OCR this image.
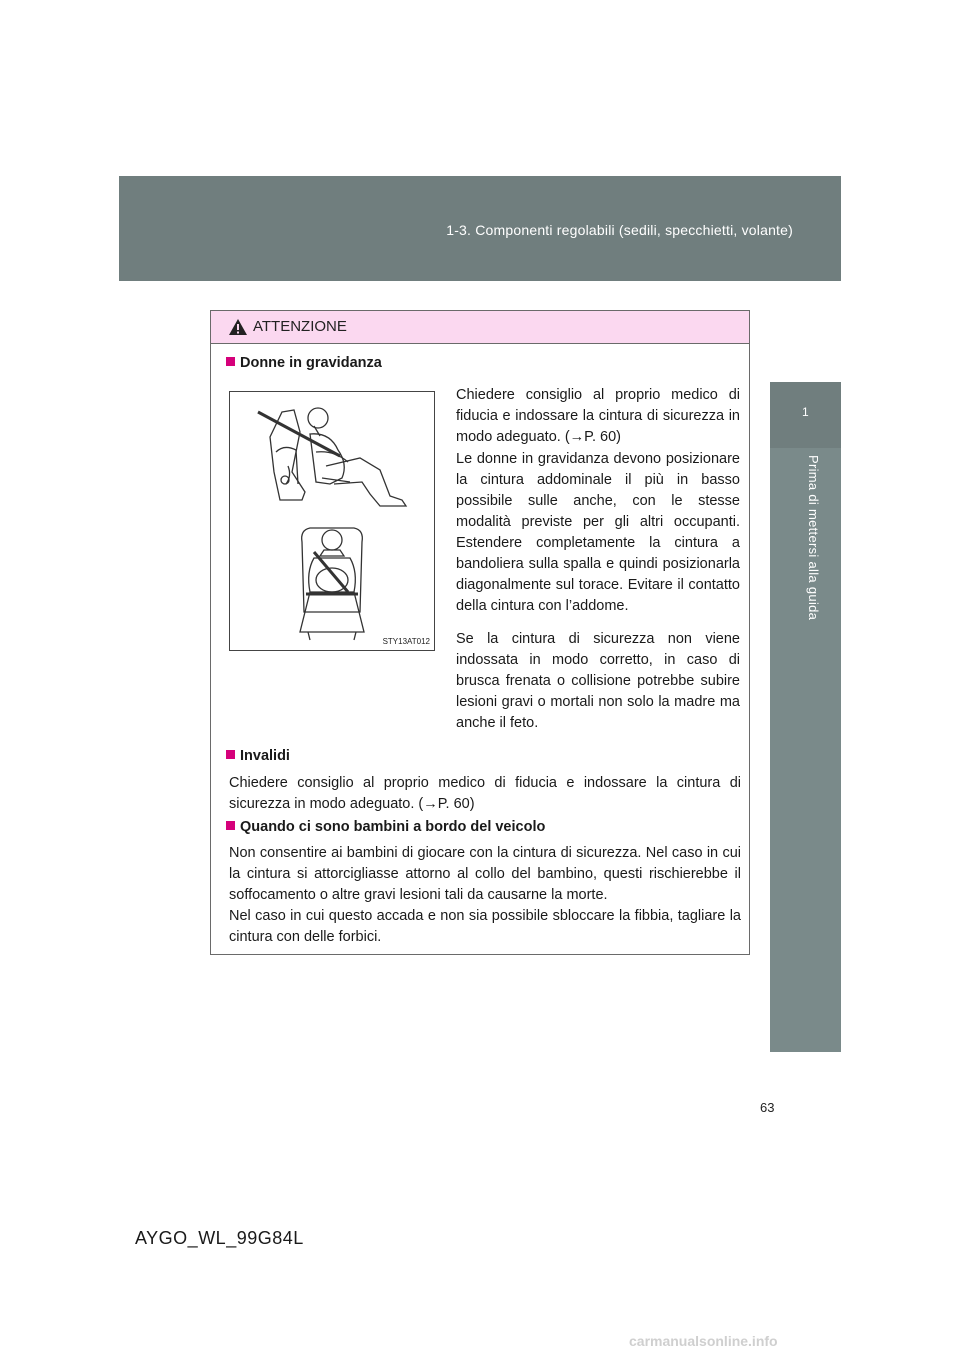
1-3. Componenti regolabili (sedili, specchietti, volante)
1
Prima di mettersi alla guida
ATTENZIONE
Donne in gravidanza
STY13AT012

Chiedere consiglio al proprio medico di fiducia e indossare la cintura di sicurezza in modo adeguato. (→P. 60)

Le donne in gravidanza devono posizionare la cintura addominale il più in basso possibile sulle anche, con le stesse modalità previste per gli altri occupanti. Estendere completamente la cintura a bandoliera sulla spalla e quindi posizionarla diagonalmente sul torace. Evitare il contatto della cintura con l’addome.

Se la cintura di sicurezza non viene indossata in modo corretto, in caso di brusca frenata o collisione potrebbe subire lesioni gravi o mortali non solo la madre ma anche il feto.

Invalidi

Chiedere consiglio al proprio medico di fiducia e indossare la cintura di sicurezza in modo adeguato. (→P. 60)

Quando ci sono bambini a bordo del veicolo

Non consentire ai bambini di giocare con la cintura di sicurezza. Nel caso in cui la cintura si attorcigliasse attorno al collo del bambino, questi rischierebbe il soffocamento o altre gravi lesioni tali da causarne la morte.

Nel caso in cui questo accada e non sia possibile sbloccare la fibbia, tagliare la cintura con delle forbici.

63
AYGO_WL_99G84L
carmanualsonline.info
